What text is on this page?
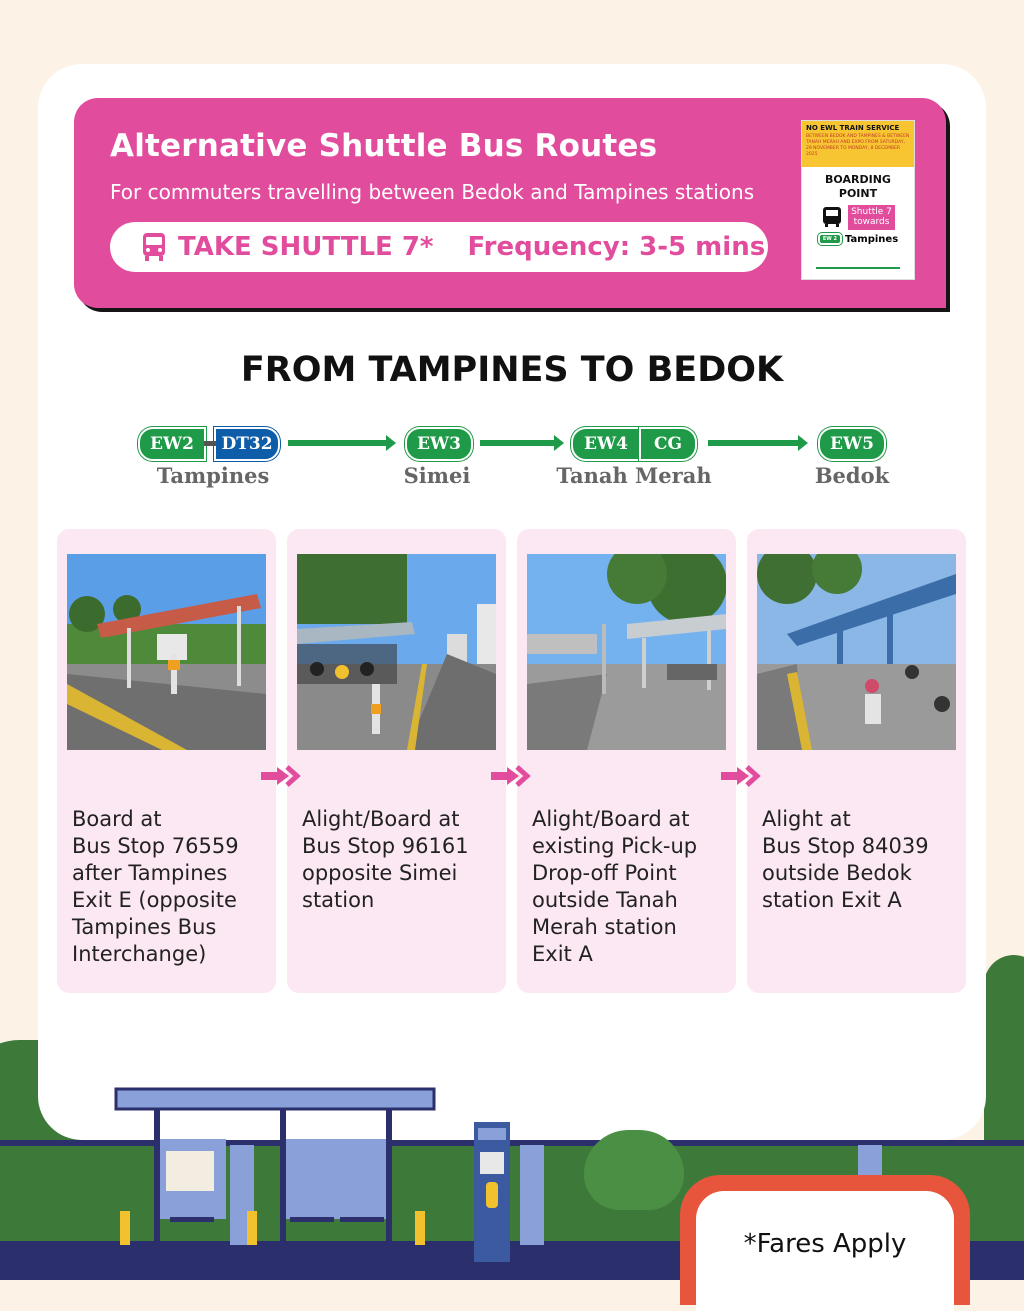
Alternative Shuttle Bus Routes
For commuters travelling between Bedok and Tampines stations
TAKE SHUTTLE 7* Frequency: 3-5 mins
NO EWL TRAIN SERVICE
BETWEEN BEDOK AND TAMPINES & BETWEEN TANAH MERAH AND EXPO FROM SATURDAY, 29 NOVEMBER TO MONDAY, 8 DECEMBER 2025
BOARDING
POINT
Shuttle 7
towards
EW 2 Tampines
FROM TAMPINES TO BEDOK
EW2	DT32
Tampines
EW3
Simei
EW4	CG
Tanah Merah
EW5
Bedok
Board at
Bus Stop 76559
after Tampines
Exit E (opposite
Tampines Bus
Interchange)
Alight/Board at
Bus Stop 96161
opposite Simei
station
Alight/Board at
existing Pick-up
Drop-off Point
outside Tanah
Merah station
Exit A
Alight at
Bus Stop 84039
outside Bedok
station Exit A
*Fares Apply
